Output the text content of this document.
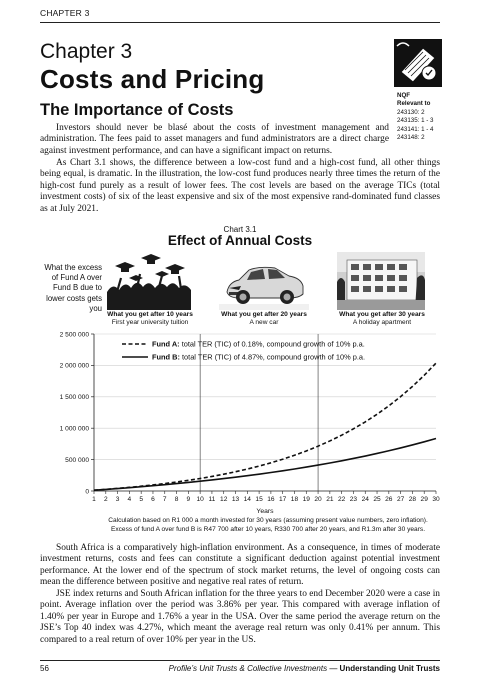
CHAPTER 3
Chapter 3
Costs and Pricing
The Importance of Costs
NQF
Relevant to
243130: 2
243135: 1 - 3
243141: 1 - 4
243148: 2

Investors should never be blasé about the costs of investment management and administration. The fees paid to asset managers and fund administrators are a direct charge against investment performance, and can have a significant impact on returns.

As Chart 3.1 shows, the difference between a low-cost fund and a high-cost fund, all other things being equal, is dramatic. In the illustration, the low-cost fund produces nearly three times the return of the high-cost fund purely as a result of lower fees. The cost levels are based on the average TICs (total investment costs) of six of the least expensive and six of the most expensive rand-dominated fund classes as at July 2021.

Chart 3.1
Effect of Annual Costs
What the excess of Fund A over Fund B due to lower costs gets you
What you get after 10 years
First year university tuition
What you get after 20 years
A new car
What you get after 30 years
A holiday apartment
0
500 000
1 000 000
1 500 000
2 000 000
2 500 000
1 2 3 4 5 6 7 8 9 10 11 12 13 14 15 16 17 18 19 20 21 22 23 24 25 26 27 28 29 30
Years
Fund A: total TER (TIC) of 0.18%, compound growth of 10% p.a.
Fund B: total TER (TIC) of 4.87%, compound growth of 10% p.a.
Calculation based on R1 000 a month invested for 30 years (assuming present value numbers, zero inflation).
Excess of fund A over fund B is R47 700 after 10 years, R330 700 after 20 years, and R1.3m after 30 years.

South Africa is a comparatively high-inflation environment. As a consequence, in times of moderate investment returns, costs and fees can constitute a significant deduction against potential investment performance. At the lower end of the spectrum of stock market returns, the level of ongoing costs can mean the difference between positive and negative real rates of return.

JSE index returns and South African inflation for the three years to end December 2020 were a case in point. Average inflation over the period was 3.86% per year. This compared with average inflation of 1.40% per year in Europe and 1.76% a year in the USA. Over the same period the average return on the JSE’s Top 40 index was 4.27%, which meant the average real return was only 0.41% per annum. This compared to a real return of over 10% per year in the US.

56	Profile’s Unit Trusts & Collective Investments — Understanding Unit Trusts
